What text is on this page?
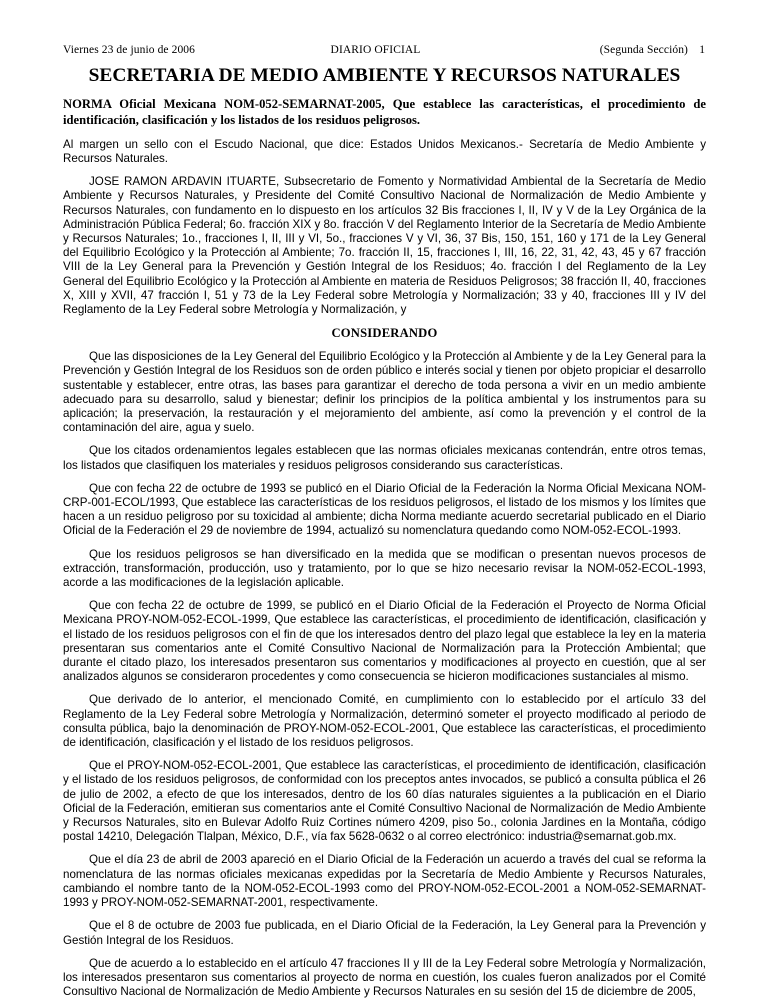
Viernes 23 de junio de 2006	DIARIO OFICIAL	(Segunda Sección) 1
SECRETARIA DE MEDIO AMBIENTE Y RECURSOS NATURALES
NORMA Oficial Mexicana NOM-052-SEMARNAT-2005, Que establece las características, el procedimiento de identificación, clasificación y los listados de los residuos peligrosos.

Al margen un sello con el Escudo Nacional, que dice: Estados Unidos Mexicanos.- Secretaría de Medio Ambiente y Recursos Naturales.

JOSE RAMON ARDAVIN ITUARTE, Subsecretario de Fomento y Normatividad Ambiental de la Secretaría de Medio Ambiente y Recursos Naturales, y Presidente del Comité Consultivo Nacional de Normalización de Medio Ambiente y Recursos Naturales, con fundamento en lo dispuesto en los artículos 32 Bis fracciones I, II, IV y V de la Ley Orgánica de la Administración Pública Federal; 6o. fracción XIX y 8o. fracción V del Reglamento Interior de la Secretaría de Medio Ambiente y Recursos Naturales; 1o., fracciones I, II, III y VI, 5o., fracciones V y VI, 36, 37 Bis, 150, 151, 160 y 171 de la Ley General del Equilibrio Ecológico y la Protección al Ambiente; 7o. fracción II, 15, fracciones I, III, 16, 22, 31, 42, 43, 45 y 67 fracción VIII de la Ley General para la Prevención y Gestión Integral de los Residuos; 4o. fracción I del Reglamento de la Ley General del Equilibrio Ecológico y la Protección al Ambiente en materia de Residuos Peligrosos; 38 fracción II, 40, fracciones X, XIII y XVII, 47 fracción I, 51 y 73 de la Ley Federal sobre Metrología y Normalización; 33 y 40, fracciones III y IV del Reglamento de la Ley Federal sobre Metrología y Normalización, y

CONSIDERANDO

Que las disposiciones de la Ley General del Equilibrio Ecológico y la Protección al Ambiente y de la Ley General para la Prevención y Gestión Integral de los Residuos son de orden público e interés social y tienen por objeto propiciar el desarrollo sustentable y establecer, entre otras, las bases para garantizar el derecho de toda persona a vivir en un medio ambiente adecuado para su desarrollo, salud y bienestar; definir los principios de la política ambiental y los instrumentos para su aplicación; la preservación, la restauración y el mejoramiento del ambiente, así como la prevención y el control de la contaminación del aire, agua y suelo.

Que los citados ordenamientos legales establecen que las normas oficiales mexicanas contendrán, entre otros temas, los listados que clasifiquen los materiales y residuos peligrosos considerando sus características.

Que con fecha 22 de octubre de 1993 se publicó en el Diario Oficial de la Federación la Norma Oficial Mexicana NOM-CRP-001-ECOL/1993, Que establece las características de los residuos peligrosos, el listado de los mismos y los límites que hacen a un residuo peligroso por su toxicidad al ambiente; dicha Norma mediante acuerdo secretarial publicado en el Diario Oficial de la Federación el 29 de noviembre de 1994, actualizó su nomenclatura quedando como NOM-052-ECOL-1993.

Que los residuos peligrosos se han diversificado en la medida que se modifican o presentan nuevos procesos de extracción, transformación, producción, uso y tratamiento, por lo que se hizo necesario revisar la NOM-052-ECOL-1993, acorde a las modificaciones de la legislación aplicable.

Que con fecha 22 de octubre de 1999, se publicó en el Diario Oficial de la Federación el Proyecto de Norma Oficial Mexicana PROY-NOM-052-ECOL-1999, Que establece las características, el procedimiento de identificación, clasificación y el listado de los residuos peligrosos con el fin de que los interesados dentro del plazo legal que establece la ley en la materia presentaran sus comentarios ante el Comité Consultivo Nacional de Normalización para la Protección Ambiental; que durante el citado plazo, los interesados presentaron sus comentarios y modificaciones al proyecto en cuestión, que al ser analizados algunos se consideraron procedentes y como consecuencia se hicieron modificaciones sustanciales al mismo.

Que derivado de lo anterior, el mencionado Comité, en cumplimiento con lo establecido por el artículo 33 del Reglamento de la Ley Federal sobre Metrología y Normalización, determinó someter el proyecto modificado al periodo de consulta pública, bajo la denominación de PROY-NOM-052-ECOL-2001, Que establece las características, el procedimiento de identificación, clasificación y el listado de los residuos peligrosos.

Que el PROY-NOM-052-ECOL-2001, Que establece las características, el procedimiento de identificación, clasificación y el listado de los residuos peligrosos, de conformidad con los preceptos antes invocados, se publicó a consulta pública el 26 de julio de 2002, a efecto de que los interesados, dentro de los 60 días naturales siguientes a la publicación en el Diario Oficial de la Federación, emitieran sus comentarios ante el Comité Consultivo Nacional de Normalización de Medio Ambiente y Recursos Naturales, sito en Bulevar Adolfo Ruiz Cortines número 4209, piso 5o., colonia Jardines en la Montaña, código postal 14210, Delegación Tlalpan, México, D.F., vía fax 5628-0632 o al correo electrónico: industria@semarnat.gob.mx.

Que el día 23 de abril de 2003 apareció en el Diario Oficial de la Federación un acuerdo a través del cual se reforma la nomenclatura de las normas oficiales mexicanas expedidas por la Secretaría de Medio Ambiente y Recursos Naturales, cambiando el nombre tanto de la NOM-052-ECOL-1993 como del PROY-NOM-052-ECOL-2001 a NOM-052-SEMARNAT-1993 y PROY-NOM-052-SEMARNAT-2001, respectivamente.

Que el 8 de octubre de 2003 fue publicada, en el Diario Oficial de la Federación, la Ley General para la Prevención y Gestión Integral de los Residuos.

Que de acuerdo a lo establecido en el artículo 47 fracciones II y III de la Ley Federal sobre Metrología y Normalización, los interesados presentaron sus comentarios al proyecto de norma en cuestión, los cuales fueron analizados por el Comité Consultivo Nacional de Normalización de Medio Ambiente y Recursos Naturales en su sesión del 15 de diciembre de 2005,
